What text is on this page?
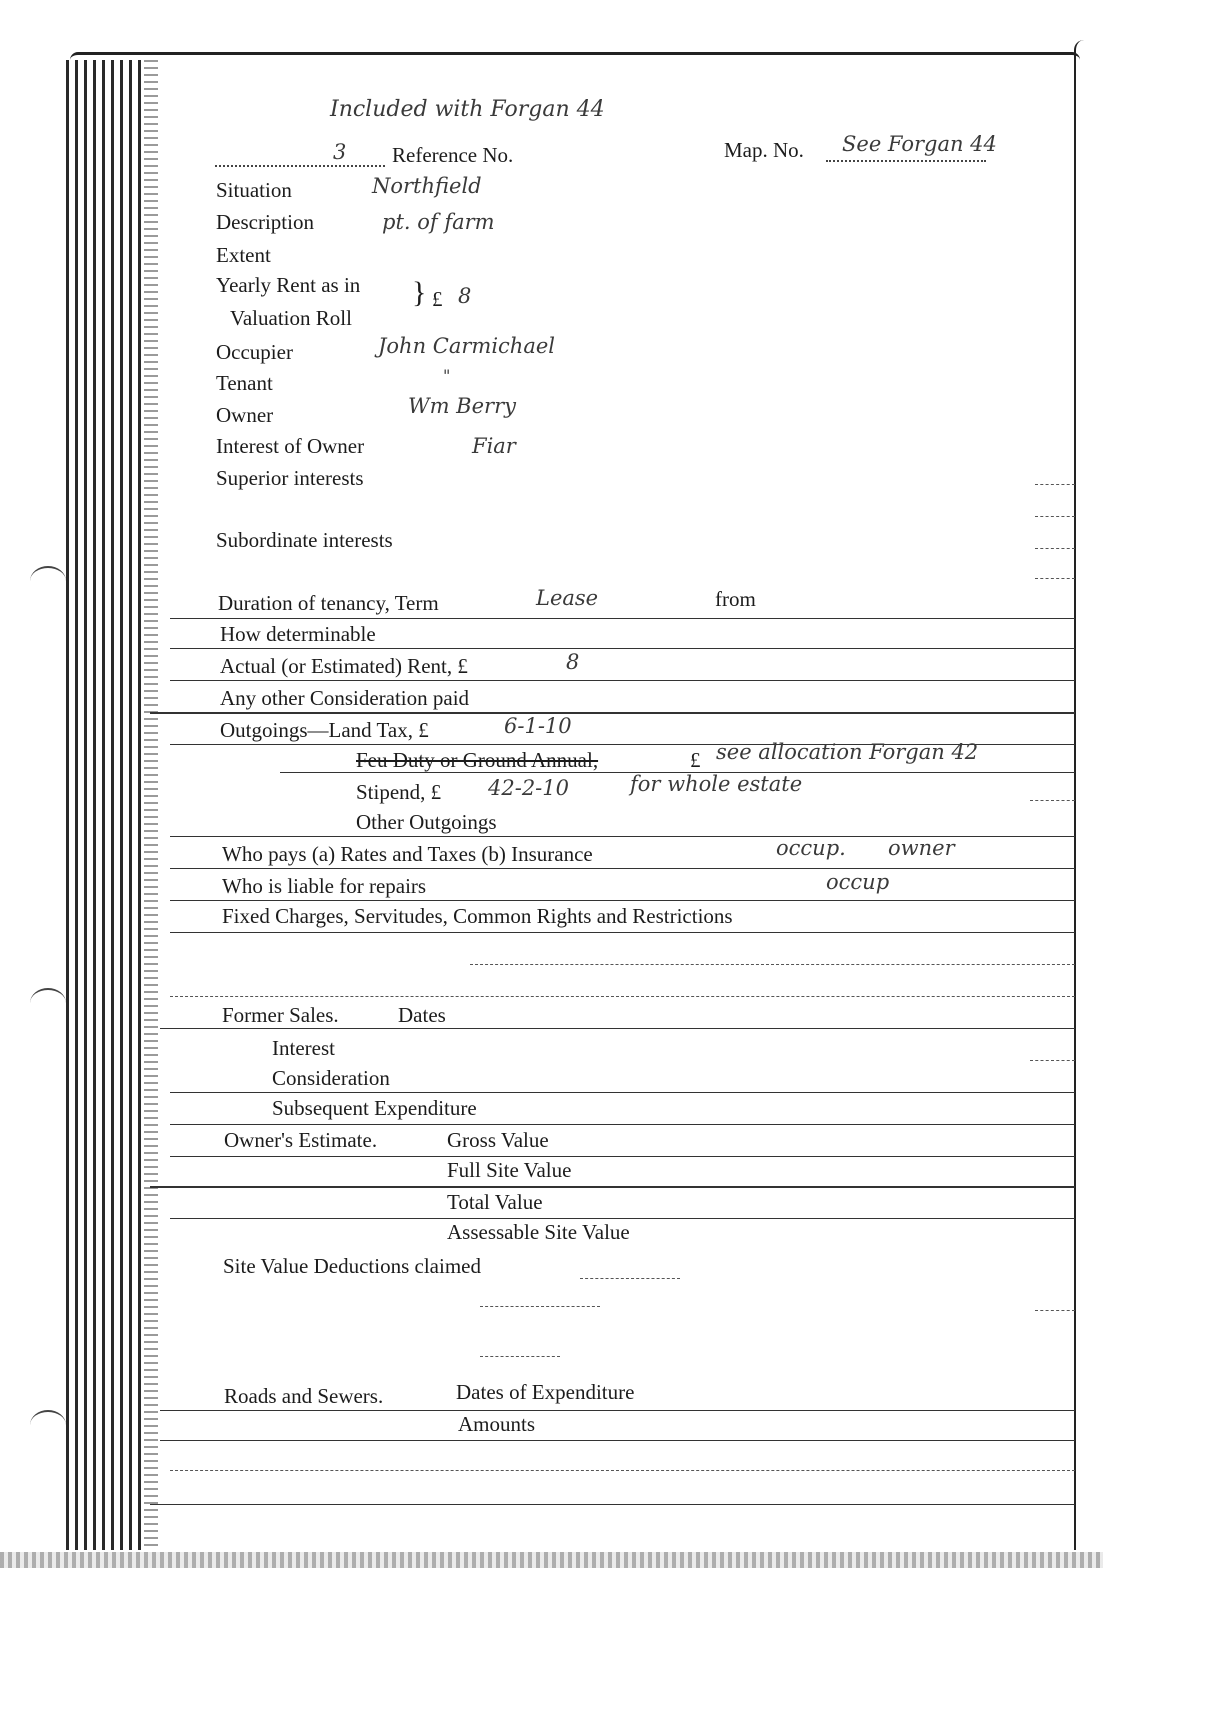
Included with Forgan 44
3 Reference No.	Map. No. See Forgan 44
Situation	Northfield
Description	pt. of farm
Extent
Yearly Rent as in
Valuation Roll
} £ 8
Occupier	John Carmichael
Tenant	"
Owner	Wm Berry
Interest of Owner	Fiar
Superior interests
Subordinate interests
Duration of tenancy, Term	Lease	from
How determinable
Actual (or Estimated) Rent, £	8
Any other Consideration paid
Outgoings—Land Tax, £	6-1-10
Feu Duty or Ground Annual,	£ see allocation Forgan 42
Stipend, £ 42-2-10	for whole estate
Other Outgoings
Who pays (a) Rates and Taxes (b) Insurance	occup. owner
Who is liable for repairs	occup
Fixed Charges, Servitudes, Common Rights and Restrictions
Former Sales.	Dates
Interest
Consideration
Subsequent Expenditure
Owner's Estimate.	Gross Value
Full Site Value
Total Value
Assessable Site Value
Site Value Deductions claimed
Roads and Sewers.	Dates of Expenditure
Amounts
